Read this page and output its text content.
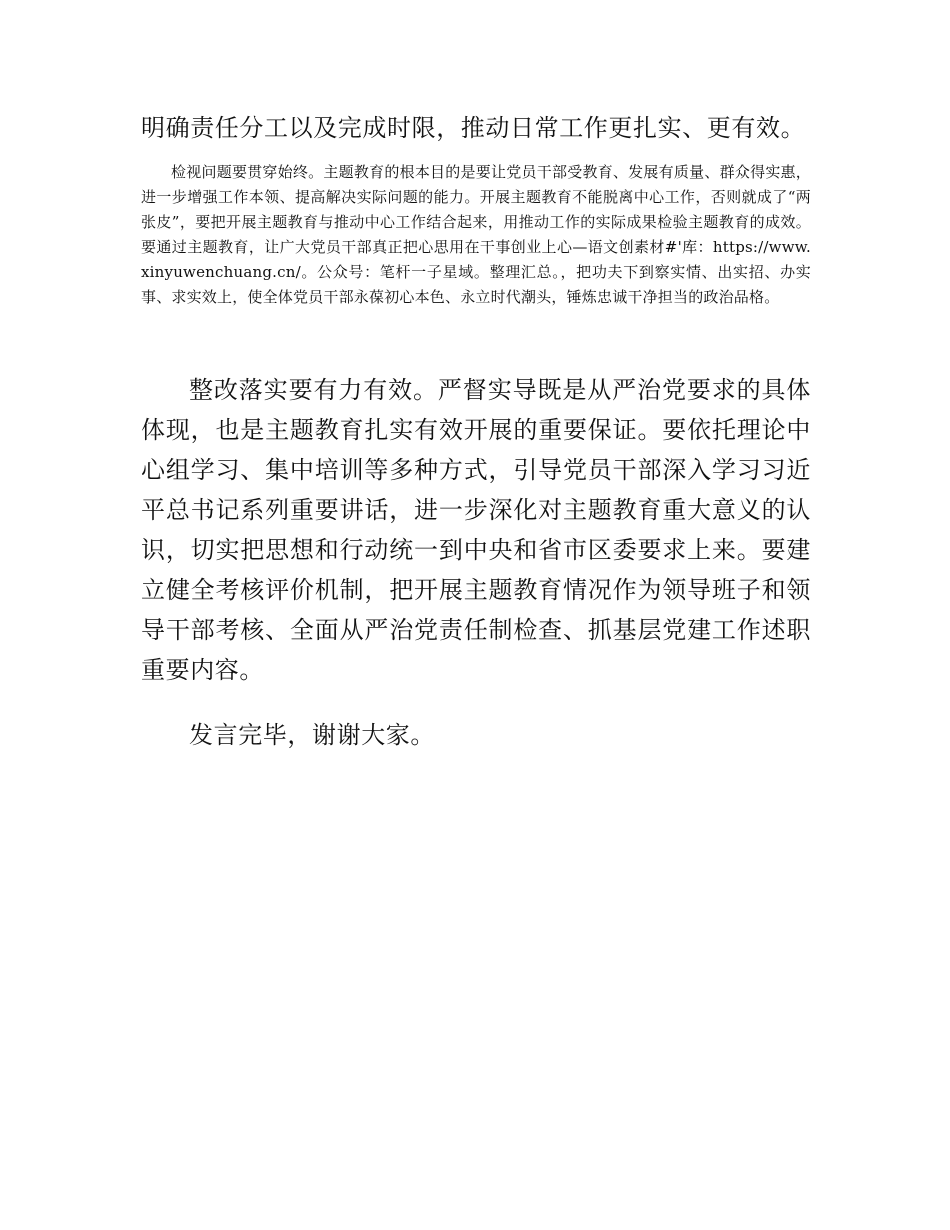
明确责任分工以及完成时限，推动日常工作更扎实、更有效。

检视问题要贯穿始终。主题教育的根本目的是要让党员干部受教育、发展有质量、群众得实惠，进一步增强工作本领、提高解决实际问题的能力。开展主题教育不能脱离中心工作，否则就成了“两张皮”，要把开展主题教育与推动中心工作结合起来，用推动工作的实际成果检验主题教育的成效。要通过主题教育，让广大党员干部真正把心思用在干事创业上心—语文创素材#'库：https://www.xinyuwenchuang.cn/。公众号：笔杆一子星域。整理汇总。，把功夫下到察实情、出实招、办实事、求实效上，使全体党员干部永葆初心本色、永立时代潮头，锤炼忠诚干净担当的政治品格。

整改落实要有力有效。严督实导既是从严治党要求的具体体现，也是主题教育扎实有效开展的重要保证。要依托理论中心组学习、集中培训等多种方式，引导党员干部深入学习习近平总书记系列重要讲话，进一步深化对主题教育重大意义的认识，切实把思想和行动统一到中央和省市区委要求上来。要建立健全考核评价机制，把开展主题教育情况作为领导班子和领导干部考核、全面从严治党责任制检查、抓基层党建工作述职重要内容。

发言完毕，谢谢大家。
